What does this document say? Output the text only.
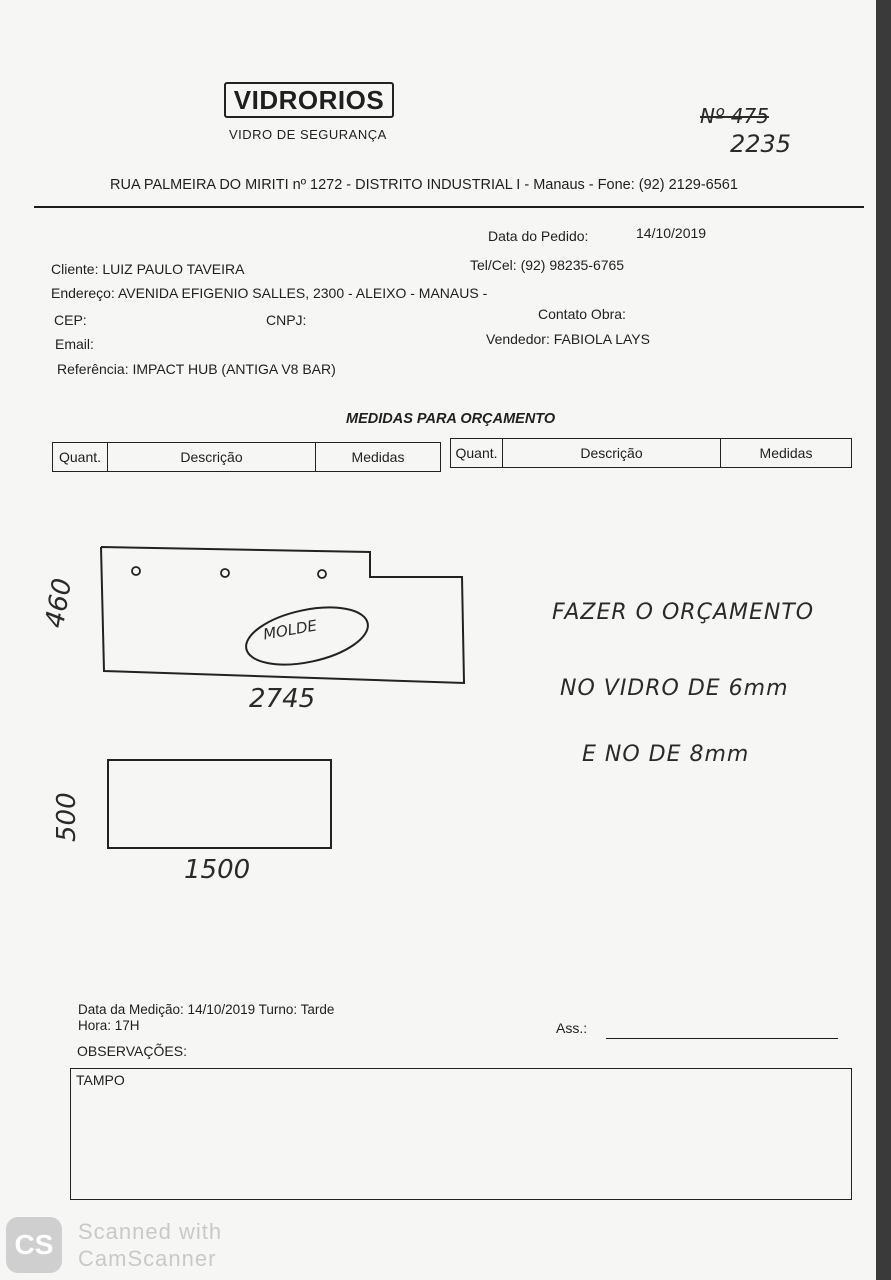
VIDRORIOS
VIDRO DE SEGURANÇA
Nº 475
2235
RUA PALMEIRA DO MIRITI nº 1272 - DISTRITO INDUSTRIAL I - Manaus - Fone: (92) 2129-6561
Data do Pedido:	14/10/2019
Cliente: LUIZ PAULO TAVEIRA	Tel/Cel: (92) 98235-6765
Endereço: AVENIDA EFIGENIO SALLES, 2300 - ALEIXO - MANAUS -
CEP:	CNPJ:	Contato Obra:
Email:	Vendedor: FABIOLA LAYS
Referência: IMPACT HUB (ANTIGA V8 BAR)
MEDIDAS PARA ORÇAMENTO
Quant.	Descrição	Medidas	Quant.	Descrição	Medidas
MOLDE
460
2745
500
1500
FAZER O ORÇAMENTO
NO VIDRO DE 6mm
E NO DE 8mm
Data da Medição: 14/10/2019 Turno: Tarde
Hora: 17H	Ass.:
OBSERVAÇÕES:
TAMPO
CS Scanned with
CamScanner
